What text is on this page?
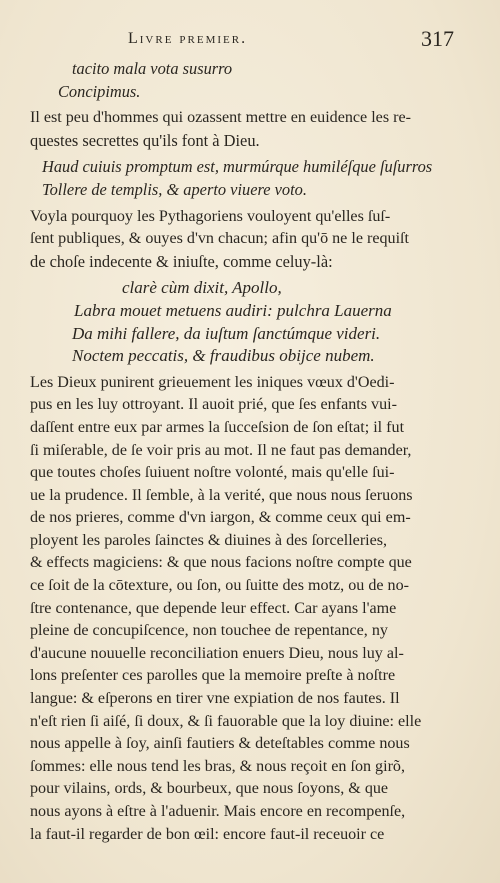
Livre premier.	317
tacito mala vota susurro
Concipimus.
Il est peu d'hommes qui ozassent mettre en euidence les re-
questes secrettes qu'ils font à Dieu.
Haud cuiuis promptum est, murmúrque humiléſque ſuſurros
Tollere de templis, & aperto viuere voto.
Voyla pourquoy les Pythagoriens vouloyent qu'elles ſuſ-
ſent publiques, & ouyes d'vn chacun; afin qu'ō ne le requiſt
de choſe indecente & iniuſte, comme celuy-là:
clarè cùm dixit, Apollo,
Labra mouet metuens audiri: pulchra Lauerna
Da mihi fallere, da iuſtum ſanctúmque videri.
Noctem peccatis, & fraudibus obijce nubem.
Les Dieux punirent grieuement les iniques vœux d'Oedi-
pus en les luy ottroyant. Il auoit prié, que ſes enfants vui-
daſſent entre eux par armes la ſucceſsion de ſon eſtat; il fut
ſi miſerable, de ſe voir pris au mot. Il ne faut pas demander,
que toutes choſes ſuiuent noſtre volonté, mais qu'elle ſui-
ue la prudence. Il ſemble, à la verité, que nous nous ſeruons
de nos prieres, comme d'vn iargon, & comme ceux qui em-
ployent les paroles ſainctes & diuines à des ſorcelleries,
& effects magiciens: & que nous facions noſtre compte que
ce ſoit de la cōtexture, ou ſon, ou ſuitte des motz, ou de no-
ſtre contenance, que depende leur effect. Car ayans l'ame
pleine de concupiſcence, non touchee de repentance, ny
d'aucune nouuelle reconciliation enuers Dieu, nous luy al-
lons preſenter ces parolles que la memoire preſte à noſtre
langue: & eſperons en tirer vne expiation de nos fautes. Il
n'eſt rien ſi aiſé, ſi doux, & ſi fauorable que la loy diuine: elle
nous appelle à ſoy, ainſi fautiers & deteſtables comme nous
ſommes: elle nous tend les bras, & nous reçoit en ſon girõ,
pour vilains, ords, & bourbeux, que nous ſoyons, & que
nous ayons à eſtre à l'aduenir. Mais encore en recompenſe,
la faut-il regarder de bon œil: encore faut-il receuoir ce
